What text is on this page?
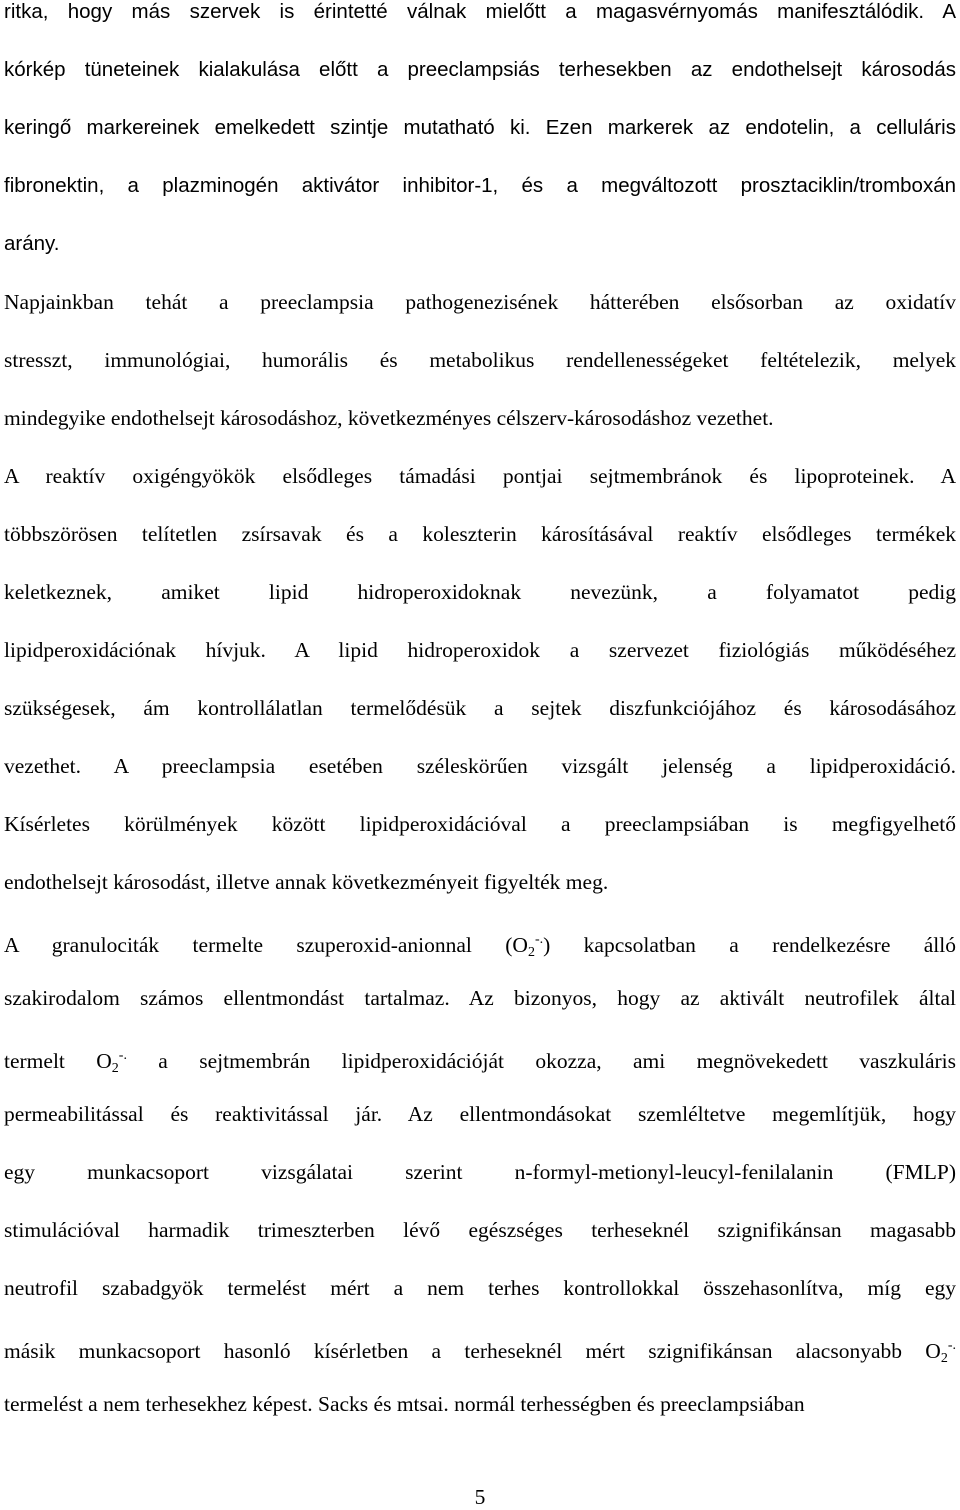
ritka, hogy más szervek is érintetté válnak mielőtt a magasvérnyomás manifesztálódik. A
kórkép tüneteinek kialakulása előtt a preeclampsiás terhesekben az endothelsejt károsodás
keringő markereinek emelkedett szintje mutatható ki. Ezen markerek az endotelin, a celluláris
fibronektin, a plazminogén aktivátor inhibitor-1, és a megváltozott prosztaciklin/tromboxán
arány.
Napjainkban tehát a preeclampsia pathogenezisének hátterében elsősorban az oxidatív
stresszt, immunológiai, humorális és metabolikus rendellenességeket feltételezik, melyek
mindegyike endothelsejt károsodáshoz, következményes célszerv-károsodáshoz vezethet.
A reaktív oxigéngyökök elsődleges támadási pontjai sejtmembránok és lipoproteinek. A
többszörösen telítetlen zsírsavak és a koleszterin károsításával reaktív elsődleges termékek
keletkeznek, amiket lipid hidroperoxidoknak nevezünk, a folyamatot pedig
lipidperoxidációnak hívjuk. A lipid hidroperoxidok a szervezet fiziológiás működéséhez
szükségesek, ám kontrollálatlan termelődésük a sejtek diszfunkciójához és károsodásához
vezethet. A preeclampsia esetében széleskörűen vizsgált jelenség a lipidperoxidáció.
Kísérletes körülmények között lipidperoxidációval a preeclampsiában is megfigyelhető
endothelsejt károsodást, illetve annak következményeit figyelték meg.
A granulociták termelte szuperoxid-anionnal $(O_2^{-.})$ kapcsolatban a rendelkezésre álló
szakirodalom számos ellentmondást tartalmaz. Az bizonyos, hogy az aktivált neutrofilek által
termelt $O_2^{-.}$ a sejtmembrán lipidperoxidációját okozza, ami megnövekedett vaszkuláris
permeabilitással és reaktivitással jár. Az ellentmondásokat szemléltetve megemlítjük, hogy
egy munkacsoport vizsgálatai szerint n-formyl-metionyl-leucyl-fenilalanin (FMLP)
stimulációval harmadik trimeszterben lévő egészséges terheseknél szignifikánsan magasabb
neutrofil szabadgyök termelést mért a nem terhes kontrollokkal összehasonlítva, míg egy
másik munkacsoport hasonló kísérletben a terheseknél mért szignifikánsan alacsonyabb $O_2^{-.}$
termelést a nem terhesekhez képest. Sacks és mtsai. normál terhességben és preeclampsiában
5
